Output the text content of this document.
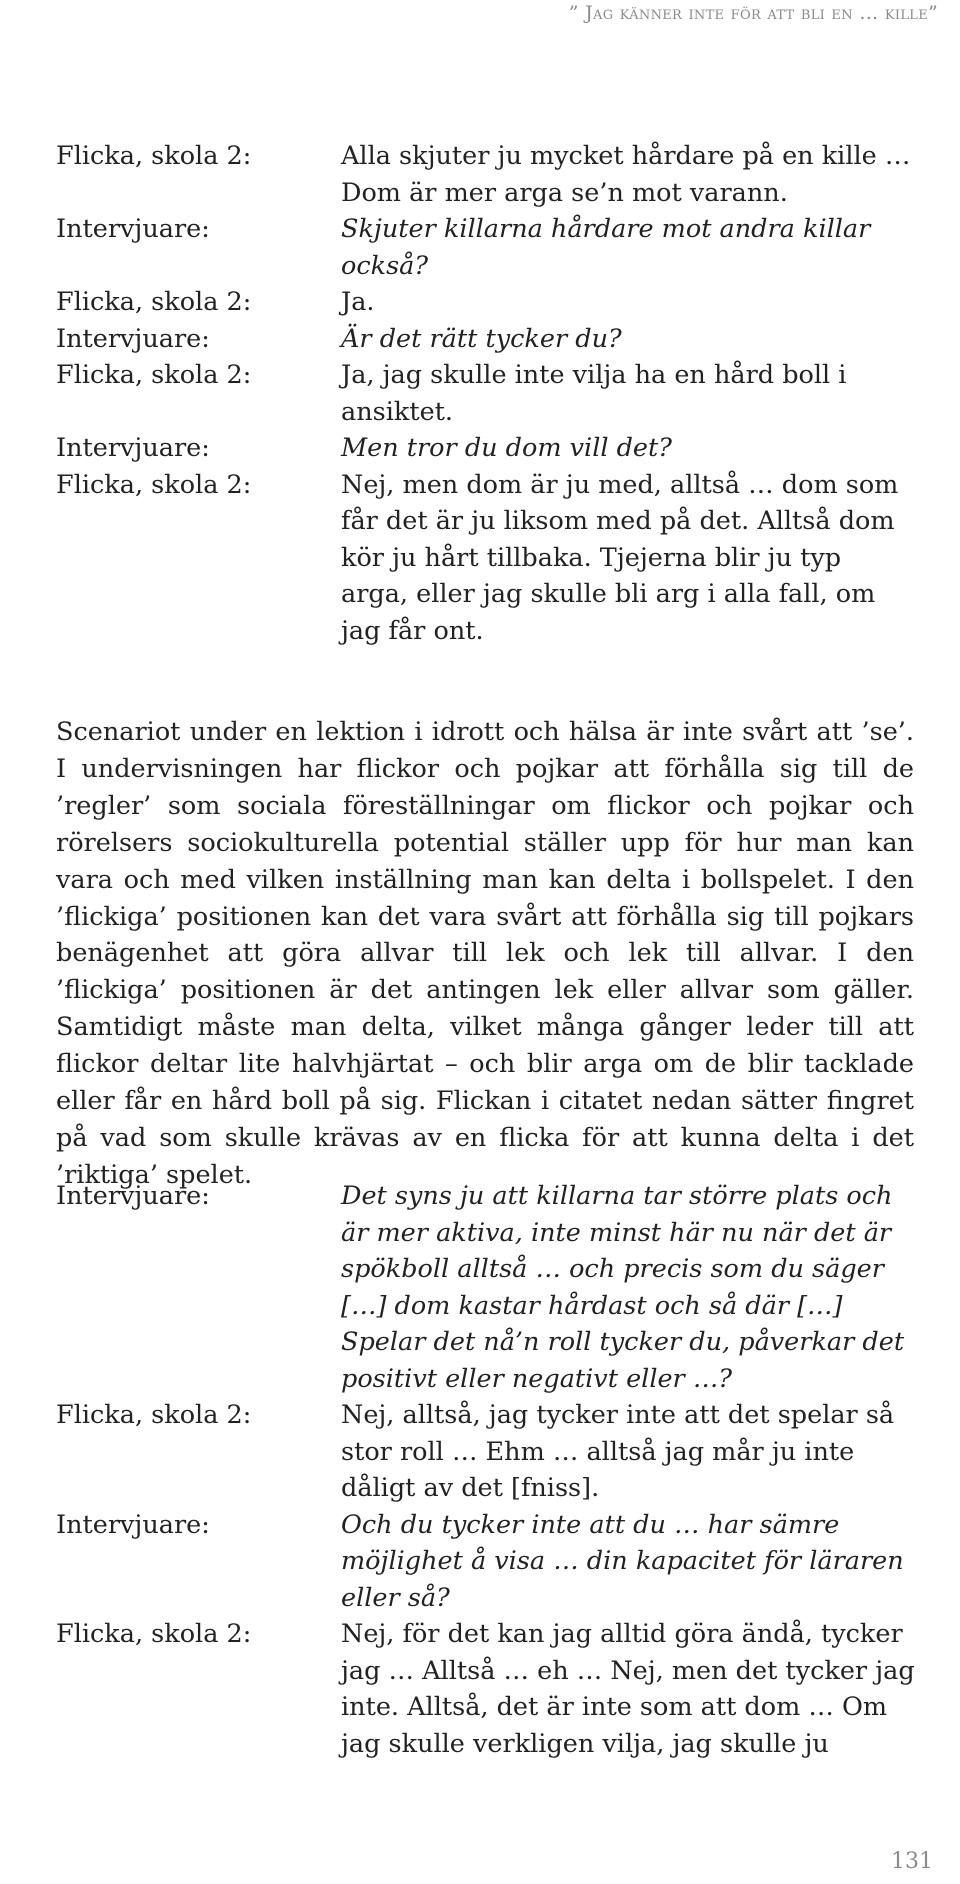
” Jag känner inte för att bli en … kille”
Flicka, skola 2:	Alla skjuter ju mycket hårdare på en kille … Dom är mer arga se’n mot varann.
Intervjuare:	Skjuter killarna hårdare mot andra killar också?
Flicka, skola 2:	Ja.
Intervjuare:	Är det rätt tycker du?
Flicka, skola 2:	Ja, jag skulle inte vilja ha en hård boll i ansiktet.
Intervjuare:	Men tror du dom vill det?
Flicka, skola 2:	Nej, men dom är ju med, alltså … dom som får det är ju liksom med på det. Alltså dom kör ju hårt tillbaka. Tjejerna blir ju typ arga, eller jag skulle bli arg i alla fall, om jag får ont.

Scenariot under en lektion i idrott och hälsa är inte svårt att ’se’. I undervisningen har flickor och pojkar att förhålla sig till de ’regler’ som sociala föreställningar om flickor och pojkar och rörelsers sociokulturella potential ställer upp för hur man kan vara och med vilken inställning man kan delta i bollspelet. I den ’flickiga’ positionen kan det vara svårt att förhålla sig till pojkars benägenhet att göra allvar till lek och lek till allvar. I den ’flickiga’ positionen är det antingen lek eller allvar som gäller. Samtidigt måste man delta, vilket många gånger leder till att flickor deltar lite halvhjärtat – och blir arga om de blir tacklade eller får en hård boll på sig. Flickan i citatet nedan sätter fingret på vad som skulle krävas av en flicka för att kunna delta i det ’riktiga’ spelet.

Intervjuare:	Det syns ju att killarna tar större plats och är mer aktiva, inte minst här nu när det är spökboll alltså … och precis som du säger […] dom kastar hårdast och så där […] Spelar det nå’n roll tycker du, påverkar det positivt eller negativt eller …?
Flicka, skola 2:	Nej, alltså, jag tycker inte att det spelar så stor roll … Ehm … alltså jag mår ju inte dåligt av det [fniss].
Intervjuare:	Och du tycker inte att du … har sämre möjlighet å visa … din kapacitet för läraren eller så?
Flicka, skola 2:	Nej, för det kan jag alltid göra ändå, tycker jag … Alltså … eh … Nej, men det tycker jag inte. Alltså, det är inte som att dom … Om jag skulle verkligen vilja, jag skulle ju
131
